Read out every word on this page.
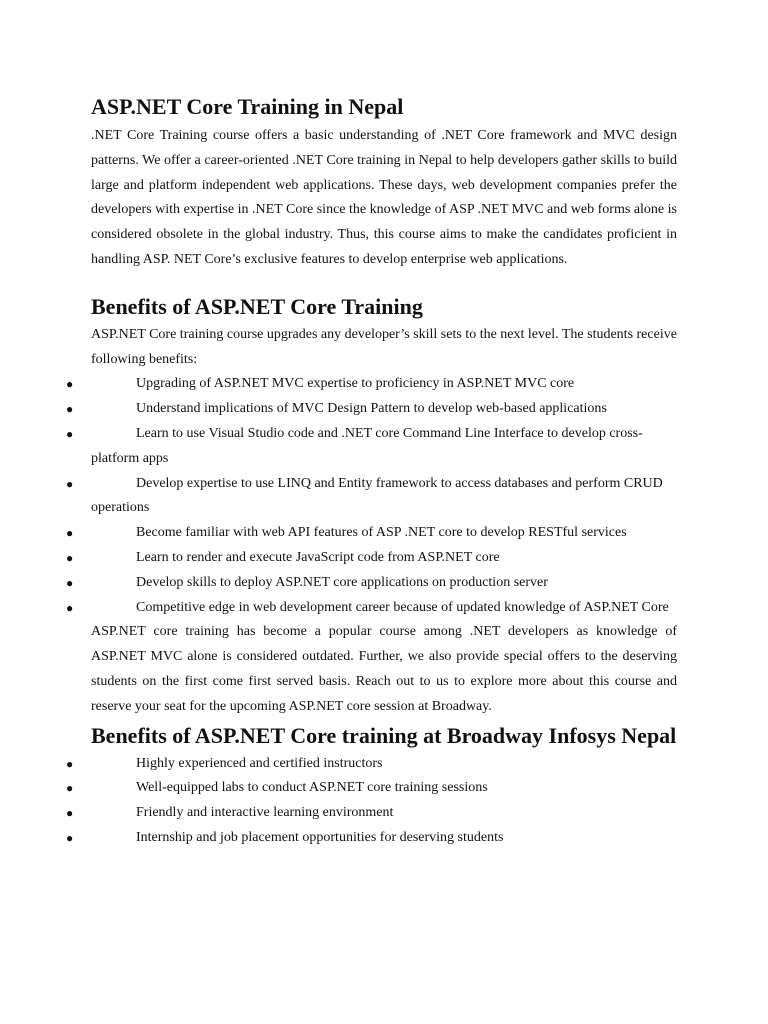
ASP.NET Core Training in Nepal

.NET Core Training course offers a basic understanding of .NET Core framework and MVC design patterns. We offer a career-oriented .NET Core training in Nepal to help developers gather skills to build large and platform independent web applications. These days, web development companies prefer the developers with expertise in .NET Core since the knowledge of ASP .NET MVC and web forms alone is considered obsolete in the global industry. Thus, this course aims to make the candidates proficient in handling ASP. NET Core’s exclusive features to develop enterprise web applications.

Benefits of ASP.NET Core Training

ASP.NET Core training course upgrades any developer’s skill sets to the next level. The students receive following benefits:

●	Upgrading of ASP.NET MVC expertise to proficiency in ASP.NET MVC core
●	Understand implications of MVC Design Pattern to develop web-based applications
●	Learn to use Visual Studio code and .NET core Command Line Interface to develop cross-platform apps
●	Develop expertise to use LINQ and Entity framework to access databases and perform CRUD operations
●	Become familiar with web API features of ASP .NET core to develop RESTful services
●	Learn to render and execute JavaScript code from ASP.NET core
●	Develop skills to deploy ASP.NET core applications on production server
●	Competitive edge in web development career because of updated knowledge of ASP.NET Core

ASP.NET core training has become a popular course among .NET developers as knowledge of ASP.NET MVC alone is considered outdated. Further, we also provide special offers to the deserving students on the first come first served basis. Reach out to us to explore more about this course and reserve your seat for the upcoming ASP.NET core session at Broadway.

Benefits of ASP.NET Core training at Broadway Infosys Nepal
●	Highly experienced and certified instructors
●	Well-equipped labs to conduct ASP.NET core training sessions
●	Friendly and interactive learning environment
●	Internship and job placement opportunities for deserving students
